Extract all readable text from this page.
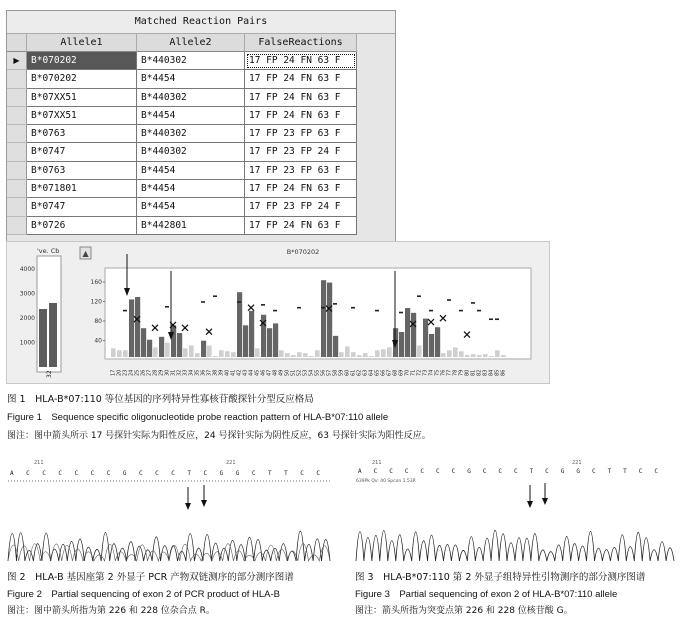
Matched Reaction Pairs
Allele1	Allele2	FalseReactions
▶	B*070202	B*440302	17 FP 24 FN 63 F
B*070202	B*4454	17 FP 24 FN 63 F
B*07XX51	B*440302	17 FP 24 FN 63 F
B*07XX51	B*4454	17 FP 24 FN 63 F
B*0763	B*440302	17 FP 23 FP 63 F
B*0747	B*440302	17 FP 23 FP 24 F
B*0763	B*4454	17 FP 23 FP 63 F
B*071801	B*4454	17 FP 24 FN 63 F
B*0747	B*4454	17 FP 23 FP 24 F
B*0726	B*442801	17 FP 24 FN 63 F
've. Cb
4000
3000
2000
1000
32
▲	B*070202
160
120
80
40
17 20 23 24 25 26 27 28 29 30 31 32 33 34 35 36 37 38 39 40 41 42 43 44 45 46 47 48 49 50 51 52 53 54 55 56 57 58 59 60 61 62 63 64 65 66 67 68 69 70 71 72 73 74 75 76 77 78 79 80 81 82 83 84 85 86
图 1　HLA-B*07:110 等位基因的序列特异性寡核苷酸探针分型反应格局
Figure 1　Sequence specific oligonucleotide probe reaction pattern of HLA-B*07:110 allele
图注：图中箭头所示 17 号探针实际为阳性反应，24 号探针实际为阴性反应，63 号探针实际为阳性反应。
211	221
A C C C C C C G C C C T C G G C T T C C
211	221
A C C C C C C G C C C T C G G C T T C C
639Pk Qv: 40 Spcon 1.53R
图 2　HLA-B 基因座第 2 外显子 PCR 产物双链测序的部分测序图谱
Figure 2　Partial sequencing of exon 2 of PCR product of HLA-B
图注：图中箭头所指为第 226 和 228 位杂合点 R。
图 3　HLA-B*07:110 第 2 外显子组特异性引物测序的部分测序图谱
Figure 3　Partial sequencing of exon 2 of HLA-B*07:110 allele
图注：箭头所指为突变点第 226 和 228 位核苷酸 G。
